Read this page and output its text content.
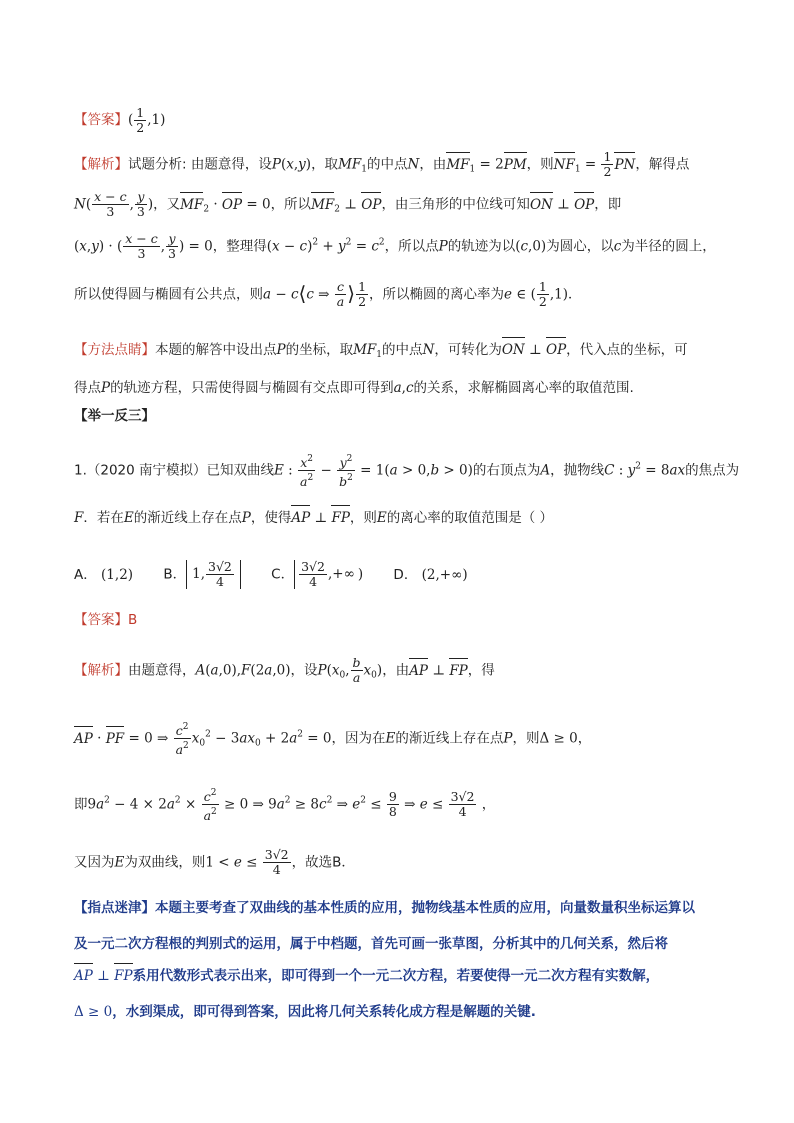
【答案】( $\frac{1}{2} ,1$)
【解析】试题分析: 由题意得，设P(x,y)，取$MF_1$的中点N，由$MF_1 = 2PM$，则$NF_1 = \frac{1}{2}$ PN，解得点
$N( \frac{x - c}{3}$ , $\frac{y}{3}$ )，又$MF_2$ · OP = 0，所以$MF_2$ ⊥ OP，由三角形的中位线可知ON ⊥ OP，即
(x,y) · ( $\frac{x - c}{3}$ , $\frac{y}{3}$ ) = 0，整理得$(x - c)^2 + y^2 = c^2$，所以点P的轨迹为以(c,0)为圆心，以c为半径的圆上，
所以使得圆与椭圆有公共点，则a − c⟨c ⇒ $\frac{c}{a}$ ⟩ $\frac{1}{2}$ ，所以椭圆的离心率为e ∈ ( $\frac{1}{2} ,1$)．
【方法点睛】本题的解答中设出点P的坐标，取$MF_1$的中点N，可转化为ON ⊥ OP，代入点的坐标，可
得点P的轨迹方程，只需使得圆与椭圆有交点即可得到a,c的关系，求解椭圆离心率的取值范围.
【举一反三】
1.（2020 南宁模拟）已知双曲线E : $\frac{x^2}{a^2} - \frac{y^2}{b^2} = 1(a > 0,b > 0)$的右顶点为A，抛物线C : $y^2 = 8ax$的焦点为
F．若在E的渐近线上存在点P，使得AP ⊥ FP，则E的离心率的取值范围是（ ）
A． (1,2) B． 1, $\frac{3√2}{4}$	C． $\frac{3√2}{4}$ ,+∞ ) D． (2,+∞)
【答案】B
【解析】由题意得，A(a,0),F(2a,0)，设$P(x_0$, $\frac{b}{a} x_0$)，由AP ⊥ FP，得
AP · PF = 0 ⇒ $\frac{c^2}{a^2} x_0^2 - 3ax_0 + 2a^2 = 0$，因为在E的渐近线上存在点P，则Δ ≥ 0，
即$9a^2 - 4 \times 2a^2 \times \frac{c^2}{a^2} \ge 0$ ⇒ $9a^2 \ge 8c^2$ ⇒ $e^2 \le \frac{9}{8}$ ⇒ $e \le \frac{3√2}{4}$ ，
又因为E为双曲线，则$1 < e \le \frac{3√2}{4}$ ，故选B．
【指点迷津】本题主要考查了双曲线的基本性质的应用，抛物线基本性质的应用，向量数量积坐标运算以
及一元二次方程根的判别式的运用，属于中档题，首先可画一张草图，分析其中的几何关系，然后将
AP ⊥ FP系用代数形式表示出来，即可得到一个一元二次方程，若要使得一元二次方程有实数解，
Δ ≥ 0，水到渠成，即可得到答案，因此将几何关系转化成方程是解题的关键.
